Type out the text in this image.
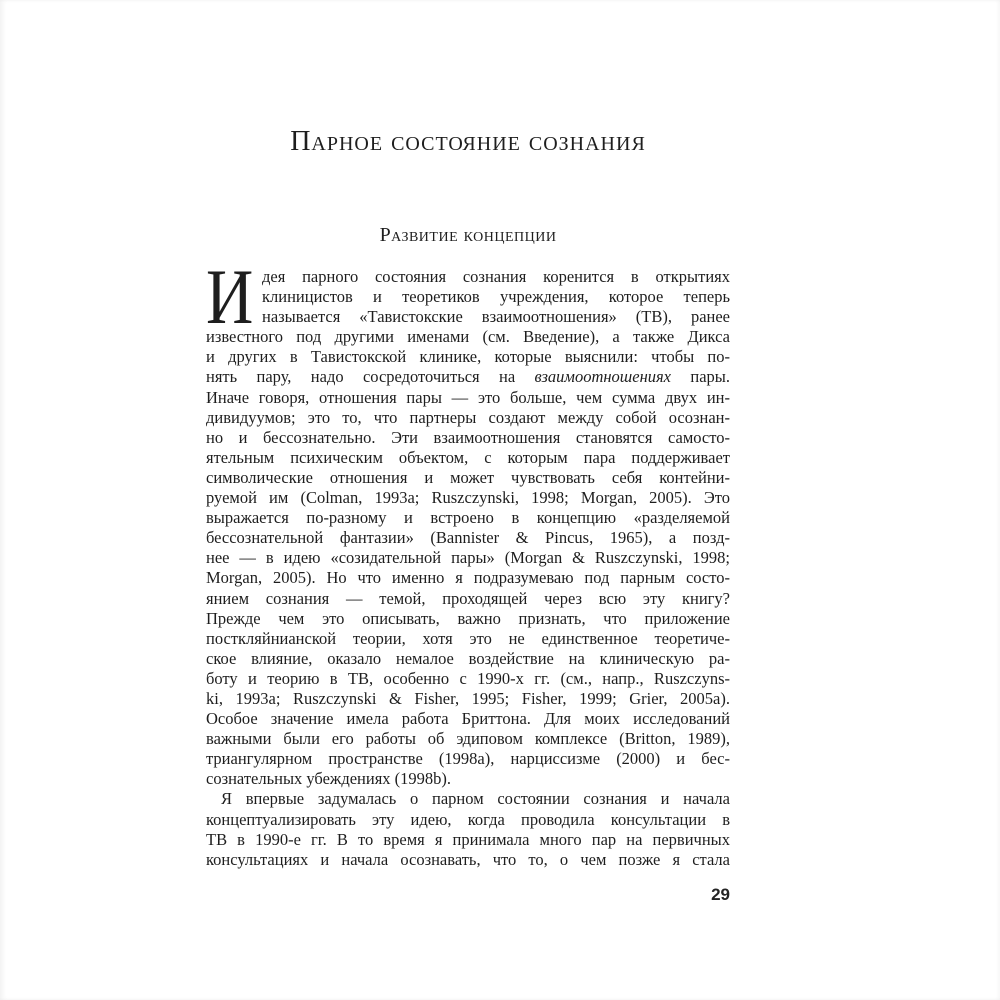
Парное состояние сознания
Развитие концепции
И дея парного состояния сознания коренится в открытиях
клиницистов и теоретиков учреждения, которое теперь
называется «Тавистокские взаимоотношения» (ТВ), ранее
известного под другими именами (см. Введение), а также Дикса
и других в Тавистокской клинике, которые выяснили: чтобы по-
нять пару, надо сосредоточиться на взаимоотношениях пары.
Иначе говоря, отношения пары — это больше, чем сумма двух ин-
дивидуумов; это то, что партнеры создают между собой осознан-
но и бессознательно. Эти взаимоотношения становятся самосто-
ятельным психическим объектом, с которым пара поддерживает
символические отношения и может чувствовать себя контейни-
руемой им (Colman, 1993a; Ruszczynski, 1998; Morgan, 2005). Это
выражается по-разному и встроено в концепцию «разделяемой
бессознательной фантазии» (Bannister & Pincus, 1965), а позд-
нее — в идею «созидательной пары» (Morgan & Ruszczynski, 1998;
Morgan, 2005). Но что именно я подразумеваю под парным состо-
янием сознания — темой, проходящей через всю эту книгу?
Прежде чем это описывать, важно признать, что приложение
посткляйнианской теории, хотя это не единственное теоретиче-
ское влияние, оказало немалое воздействие на клиническую ра-
боту и теорию в ТВ, особенно с 1990-х гг. (см., напр., Ruszczyns-
ki, 1993a; Ruszczynski & Fisher, 1995; Fisher, 1999; Grier, 2005a).
Особое значение имела работа Бриттона. Для моих исследований
важными были его работы об эдиповом комплексе (Britton, 1989),
триангулярном пространстве (1998a), нарциссизме (2000) и бес-
сознательных убеждениях (1998b).
Я впервые задумалась о парном состоянии сознания и начала
концептуализировать эту идею, когда проводила консультации в
ТВ в 1990-е гг. В то время я принимала много пар на первичных
консультациях и начала осознавать, что то, о чем позже я стала
29
